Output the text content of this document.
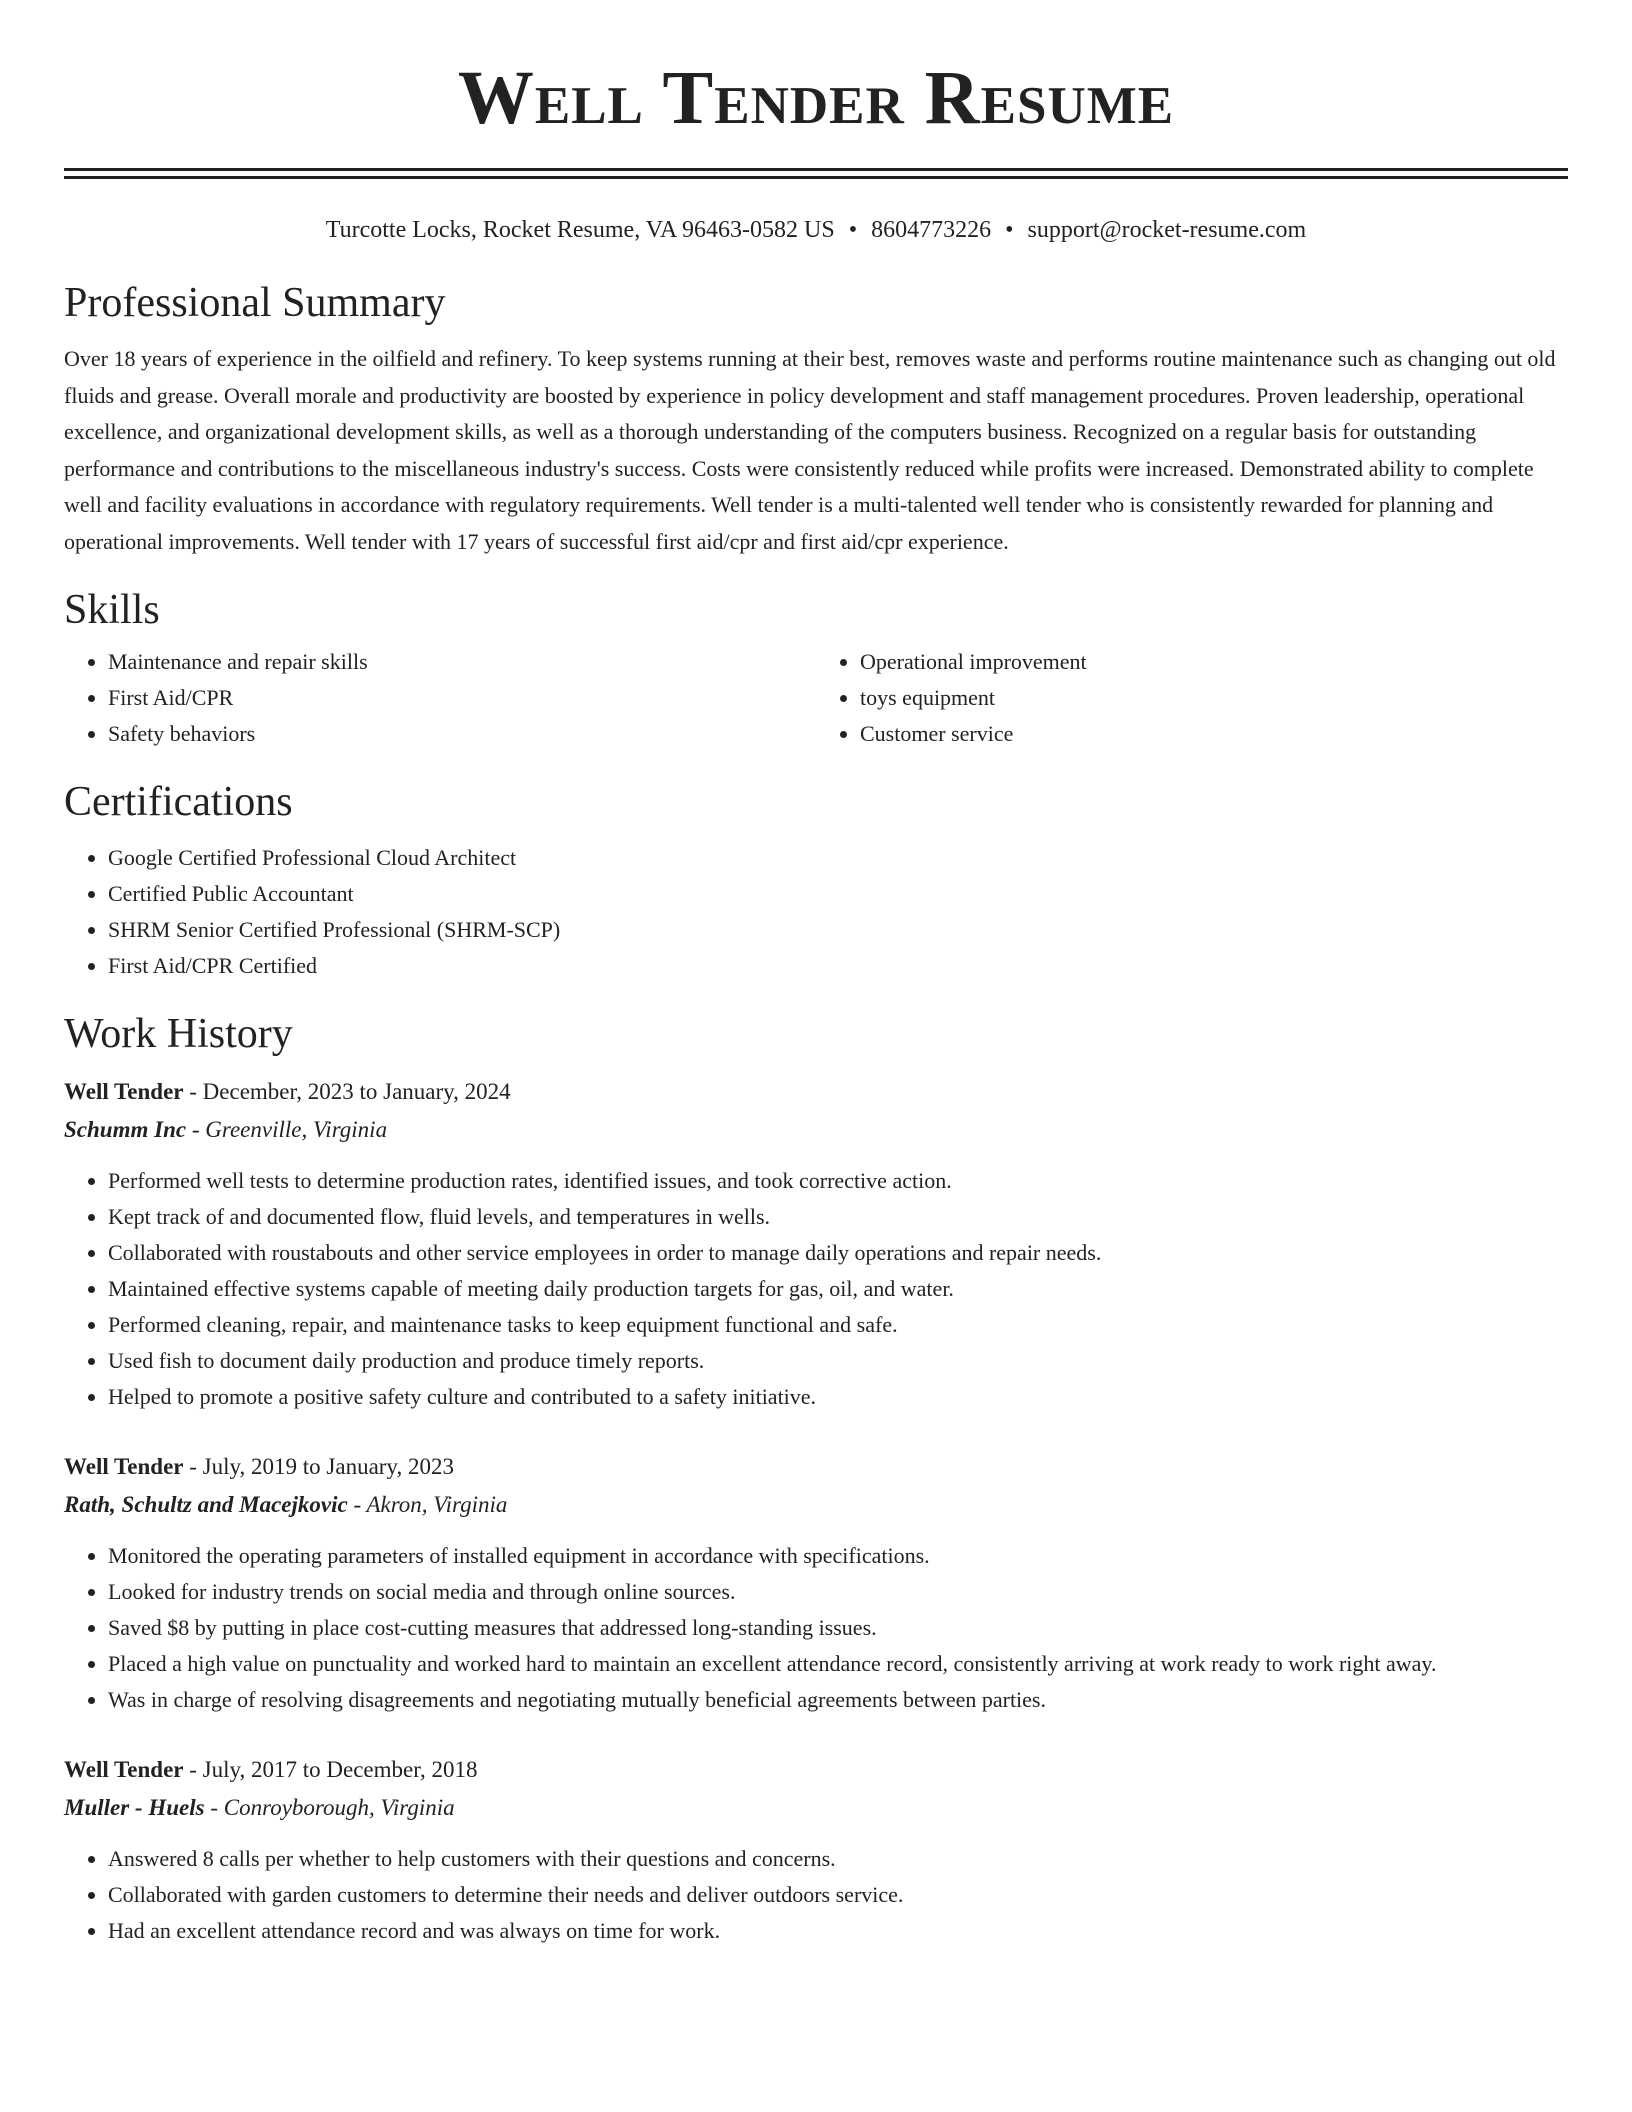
Well Tender Resume
Turcotte Locks, Rocket Resume, VA 96463-0582 US • 8604773226 • support@rocket-resume.com
Professional Summary

Over 18 years of experience in the oilfield and refinery. To keep systems running at their best, removes waste and performs routine maintenance such as changing out old fluids and grease. Overall morale and productivity are boosted by experience in policy development and staff management procedures. Proven leadership, operational excellence, and organizational development skills, as well as a thorough understanding of the computers business. Recognized on a regular basis for outstanding performance and contributions to the miscellaneous industry's success. Costs were consistently reduced while profits were increased. Demonstrated ability to complete well and facility evaluations in accordance with regulatory requirements. Well tender is a multi-talented well tender who is consistently rewarded for planning and operational improvements. Well tender with 17 years of successful first aid/cpr and first aid/cpr experience.

Skills
• Maintenance and repair skills
• First Aid/CPR
• Safety behaviors
• Operational improvement
• toys equipment
• Customer service
Certifications
• Google Certified Professional Cloud Architect
• Certified Public Accountant
• SHRM Senior Certified Professional (SHRM-SCP)
• First Aid/CPR Certified
Work History
Well Tender - December, 2023 to January, 2024
Schumm Inc - Greenville, Virginia
• Performed well tests to determine production rates, identified issues, and took corrective action.
• Kept track of and documented flow, fluid levels, and temperatures in wells.
• Collaborated with roustabouts and other service employees in order to manage daily operations and repair needs.
• Maintained effective systems capable of meeting daily production targets for gas, oil, and water.
• Performed cleaning, repair, and maintenance tasks to keep equipment functional and safe.
• Used fish to document daily production and produce timely reports.
• Helped to promote a positive safety culture and contributed to a safety initiative.
Well Tender - July, 2019 to January, 2023
Rath, Schultz and Macejkovic - Akron, Virginia
• Monitored the operating parameters of installed equipment in accordance with specifications.
• Looked for industry trends on social media and through online sources.
• Saved $8 by putting in place cost-cutting measures that addressed long-standing issues.
• Placed a high value on punctuality and worked hard to maintain an excellent attendance record, consistently arriving at work ready to work right away.
• Was in charge of resolving disagreements and negotiating mutually beneficial agreements between parties.
Well Tender - July, 2017 to December, 2018
Muller - Huels - Conroyborough, Virginia
• Answered 8 calls per whether to help customers with their questions and concerns.
• Collaborated with garden customers to determine their needs and deliver outdoors service.
• Had an excellent attendance record and was always on time for work.
